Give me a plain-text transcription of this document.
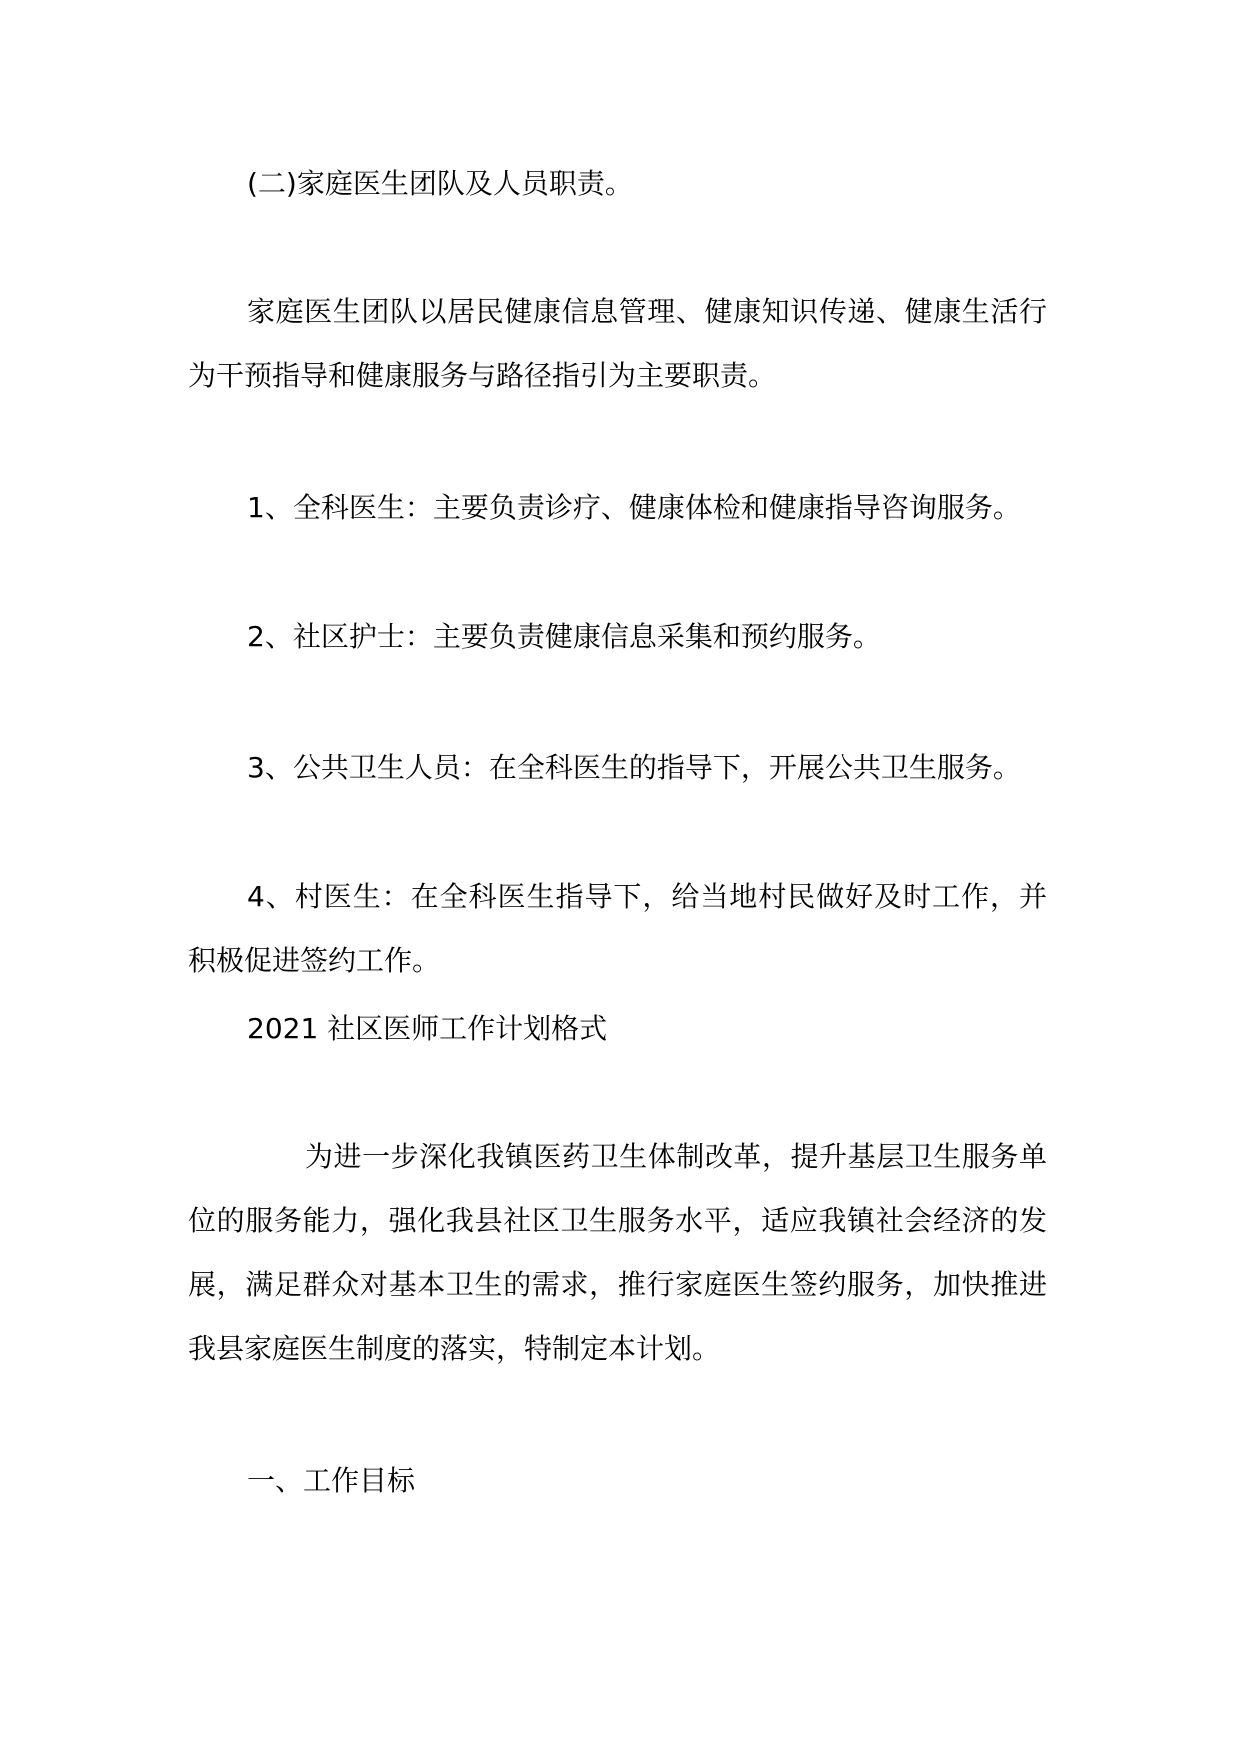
(二)家庭医生团队及人员职责。
家庭医生团队以居民健康信息管理、健康知识传递、健康生活行
为干预指导和健康服务与路径指引为主要职责。
1、全科医生：主要负责诊疗、健康体检和健康指导咨询服务。
2、社区护士：主要负责健康信息采集和预约服务。
3、公共卫生人员：在全科医生的指导下，开展公共卫生服务。
4、村医生：在全科医生指导下，给当地村民做好及时工作，并
积极促进签约工作。
2021 社区医师工作计划格式
为进一步深化我镇医药卫生体制改革，提升基层卫生服务单
位的服务能力，强化我县社区卫生服务水平，适应我镇社会经济的发
展，满足群众对基本卫生的需求，推行家庭医生签约服务，加快推进
我县家庭医生制度的落实，特制定本计划。
一、工作目标
